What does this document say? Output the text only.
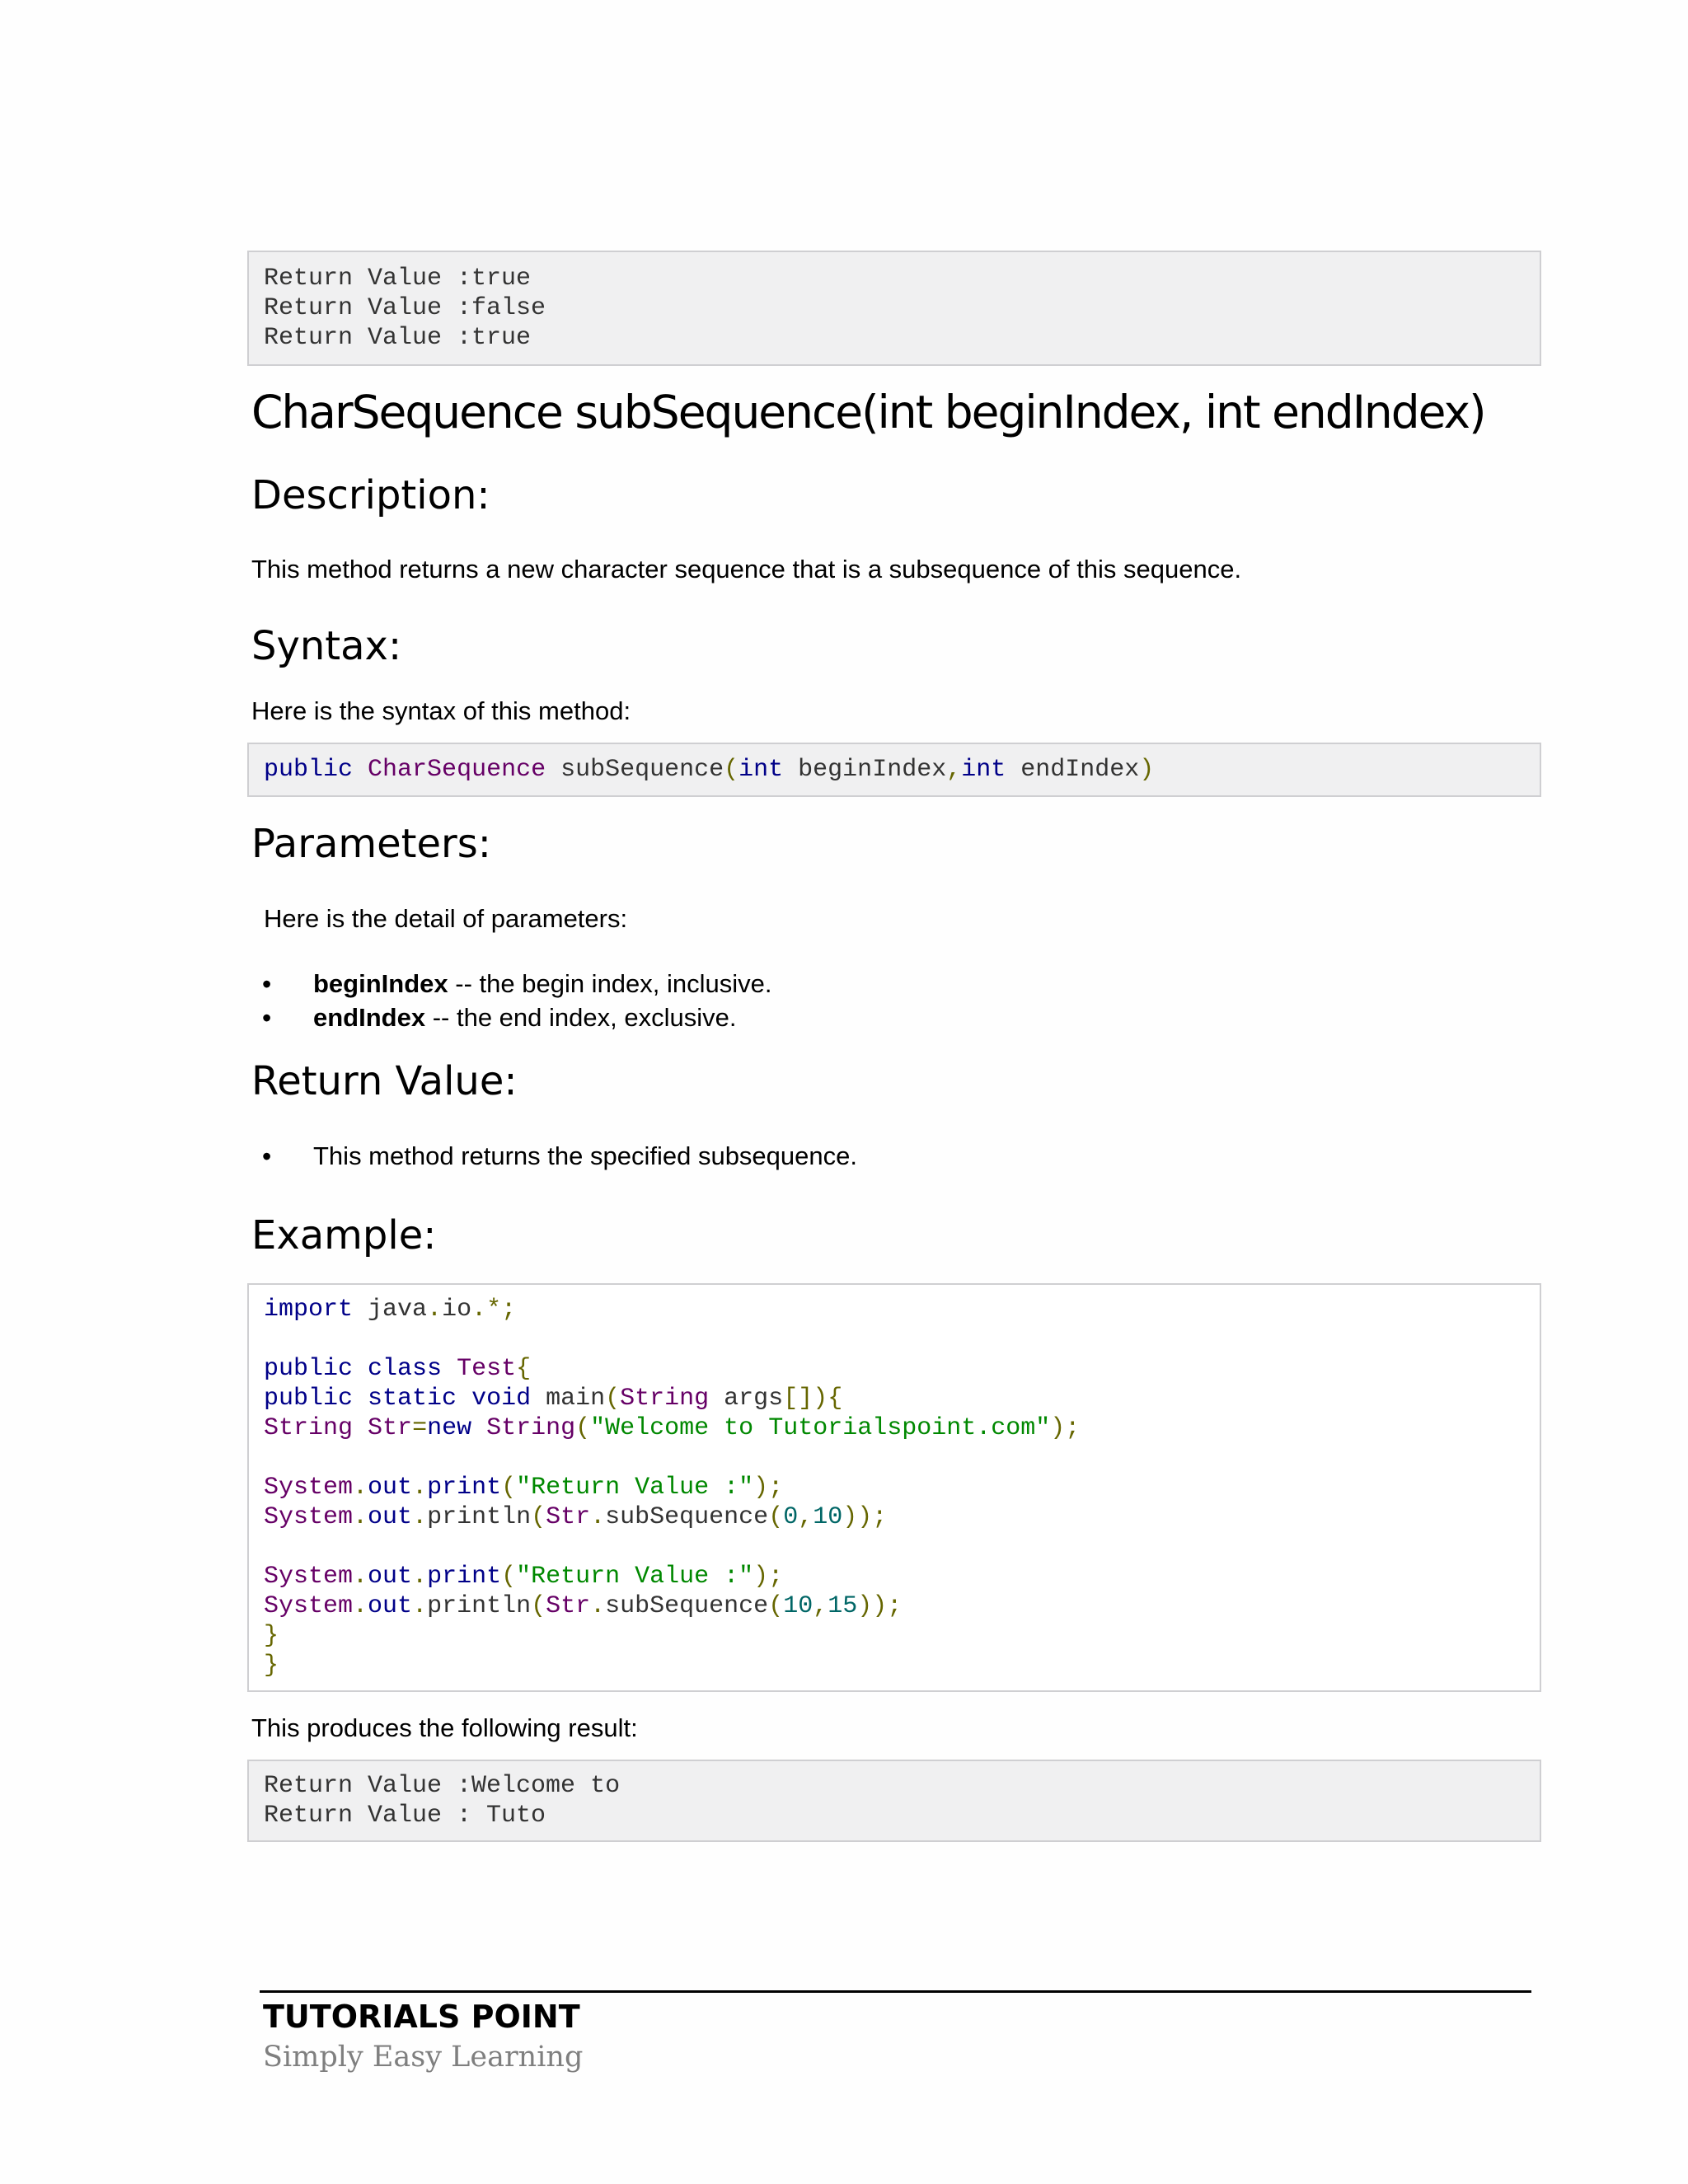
Return Value :true
Return Value :false
Return Value :true
CharSequence subSequence(int beginIndex, int endIndex)
Description:

This method returns a new character sequence that is a subsequence of this sequence.

Syntax:

Here is the syntax of this method:

public CharSequence subSequence(int beginIndex,int endIndex)
Parameters:

Here is the detail of parameters:

• beginIndex -- the begin index, inclusive.

• endIndex -- the end index, exclusive.

Return Value:
• This method returns the specified subsequence.

Example:
import java.io.*;
public class Test{
public static void main(String args[]){
String Str=new String("Welcome to Tutorialspoint.com");
System.out.print("Return Value :");
System.out.println(Str.subSequence(0,10));
System.out.print("Return Value :");
System.out.println(Str.subSequence(10,15));
}
}

This produces the following result:

Return Value :Welcome to
Return Value : Tuto
TUTORIALS POINT
Simply Easy Learning
